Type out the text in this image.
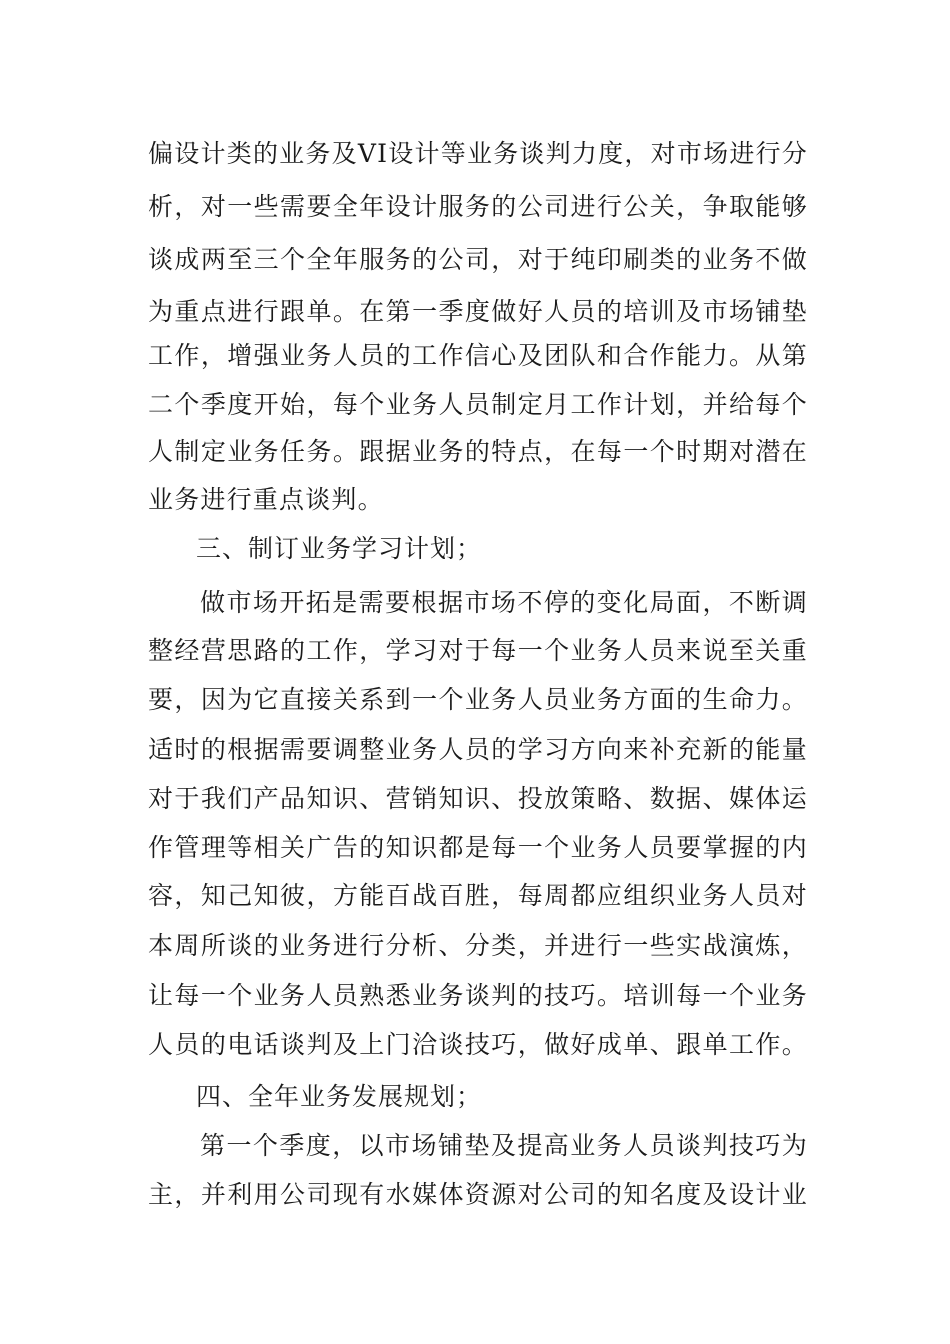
偏设计类的业务及VI设计等业务谈判力度，对市场进行分
析，对一些需要全年设计服务的公司进行公关，争取能够
谈成两至三个全年服务的公司，对于纯印刷类的业务不做
为重点进行跟单。在第一季度做好人员的培训及市场铺垫
工作，增强业务人员的工作信心及团队和合作能力。从第
二个季度开始，每个业务人员制定月工作计划，并给每个
人制定业务任务。跟据业务的特点，在每一个时期对潜在
业务进行重点谈判。
三、制订业务学习计划；
做市场开拓是需要根据市场不停的变化局面，不断调
整经营思路的工作，学习对于每一个业务人员来说至关重
要，因为它直接关系到一个业务人员业务方面的生命力。
适时的根据需要调整业务人员的学习方向来补充新的能量
对于我们产品知识、营销知识、投放策略、数据、媒体运
作管理等相关广告的知识都是每一个业务人员要掌握的内
容，知己知彼，方能百战百胜，每周都应组织业务人员对
本周所谈的业务进行分析、分类，并进行一些实战演炼，
让每一个业务人员熟悉业务谈判的技巧。培训每一个业务
人员的电话谈判及上门洽谈技巧，做好成单、跟单工作。
四、全年业务发展规划；
第一个季度，以市场铺垫及提高业务人员谈判技巧为
主，并利用公司现有水媒体资源对公司的知名度及设计业
